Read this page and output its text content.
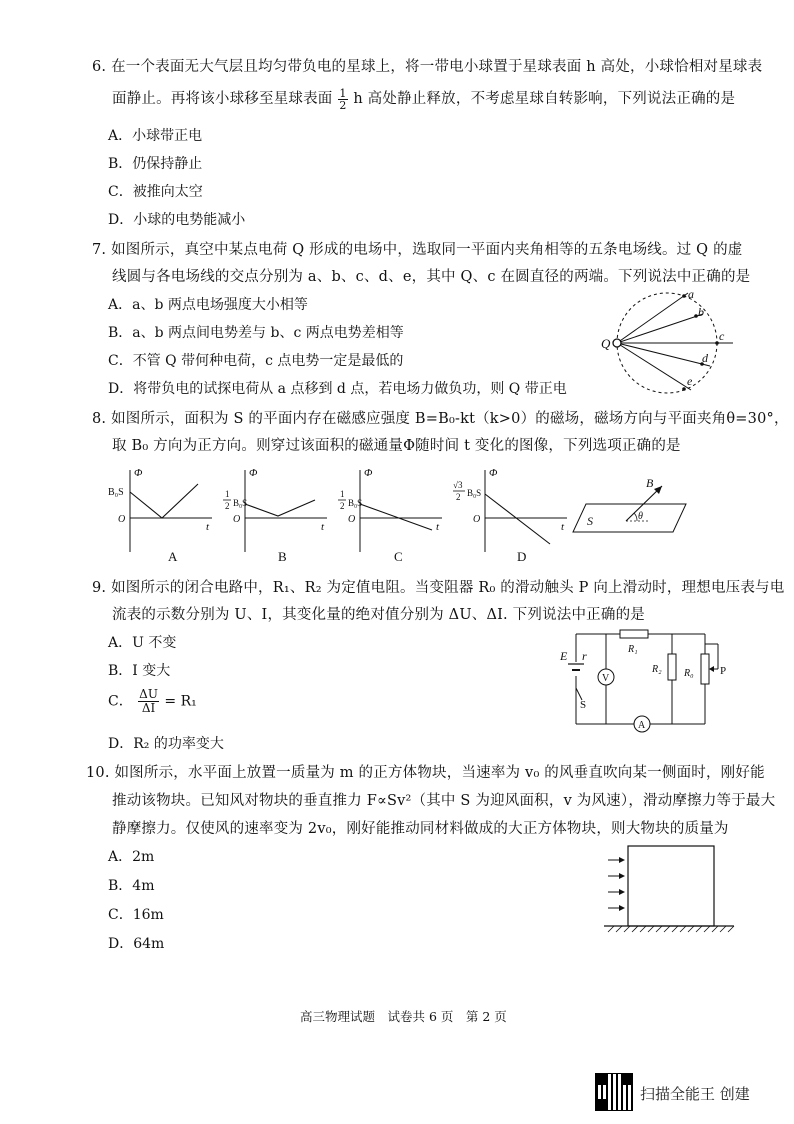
6. 在一个表面无大气层且均匀带负电的星球上，将一带电小球置于星球表面 h 高处，小球恰相对星球表
面静止。再将该小球移至星球表面 $\frac{1}{2}$ h 高处静止释放，不考虑星球自转影响，下列说法正确的是
A．小球带正电
B．仍保持静止
C．被推向太空
D．小球的电势能减小
7. 如图所示，真空中某点电荷 Q 形成的电场中，选取同一平面内夹角相等的五条电场线。过 Q 的虚
线圆与各电场线的交点分别为 a、b、c、d、e，其中 Q、c 在圆直径的两端。下列说法中正确的是
A．a、b 两点电场强度大小相等
B．a、b 两点间电势差与 b、c 两点电势差相等
C．不管 Q 带何种电荷，c 点电势一定是最低的
D．将带负电的试探电荷从 a 点移到 d 点，若电场力做负功，则 Q 带正电
Q
a
b
c
d
e
8. 如图所示，面积为 S 的平面内存在磁感应强度 B=B₀-kt（k>0）的磁场，磁场方向与平面夹角θ=30°，
取 B₀ 方向为正方向。则穿过该面积的磁通量Φ随时间 t 变化的图像，下列选项正确的是
Φ
B₀S
O
t
A
Φ
1
2 B₀S
O
t
B
Φ
1
2 B₀S
O
t
C
Φ
√3
2 B₀S
O
t
D
S
B
θ
9. 如图所示的闭合电路中，R₁、R₂ 为定值电阻。当变阻器 R₀ 的滑动触头 P 向上滑动时，理想电压表与电
流表的示数分别为 U、I，其变化量的绝对值分别为 ΔU、ΔI. 下列说法中正确的是
A．U 不变
B．I 变大
C． $\frac{\Delta U}{\Delta I} = R_1$
D．R₂ 的功率变大
E r
S
V
R₁
A
R₂ R₀ P
10. 如图所示，水平面上放置一质量为 m 的正方体物块，当速率为 v₀ 的风垂直吹向某一侧面时，刚好能
推动该物块。已知风对物块的垂直推力 F∝Sv²（其中 S 为迎风面积，v 为风速），滑动摩擦力等于最大
静摩擦力。仅使风的速率变为 2v₀，刚好能推动同材料做成的大正方体物块，则大物块的质量为
A．2m
B．4m
C．16m
D．64m
高三物理试题　试卷共 6 页　第 2 页
扫描全能王 创建
